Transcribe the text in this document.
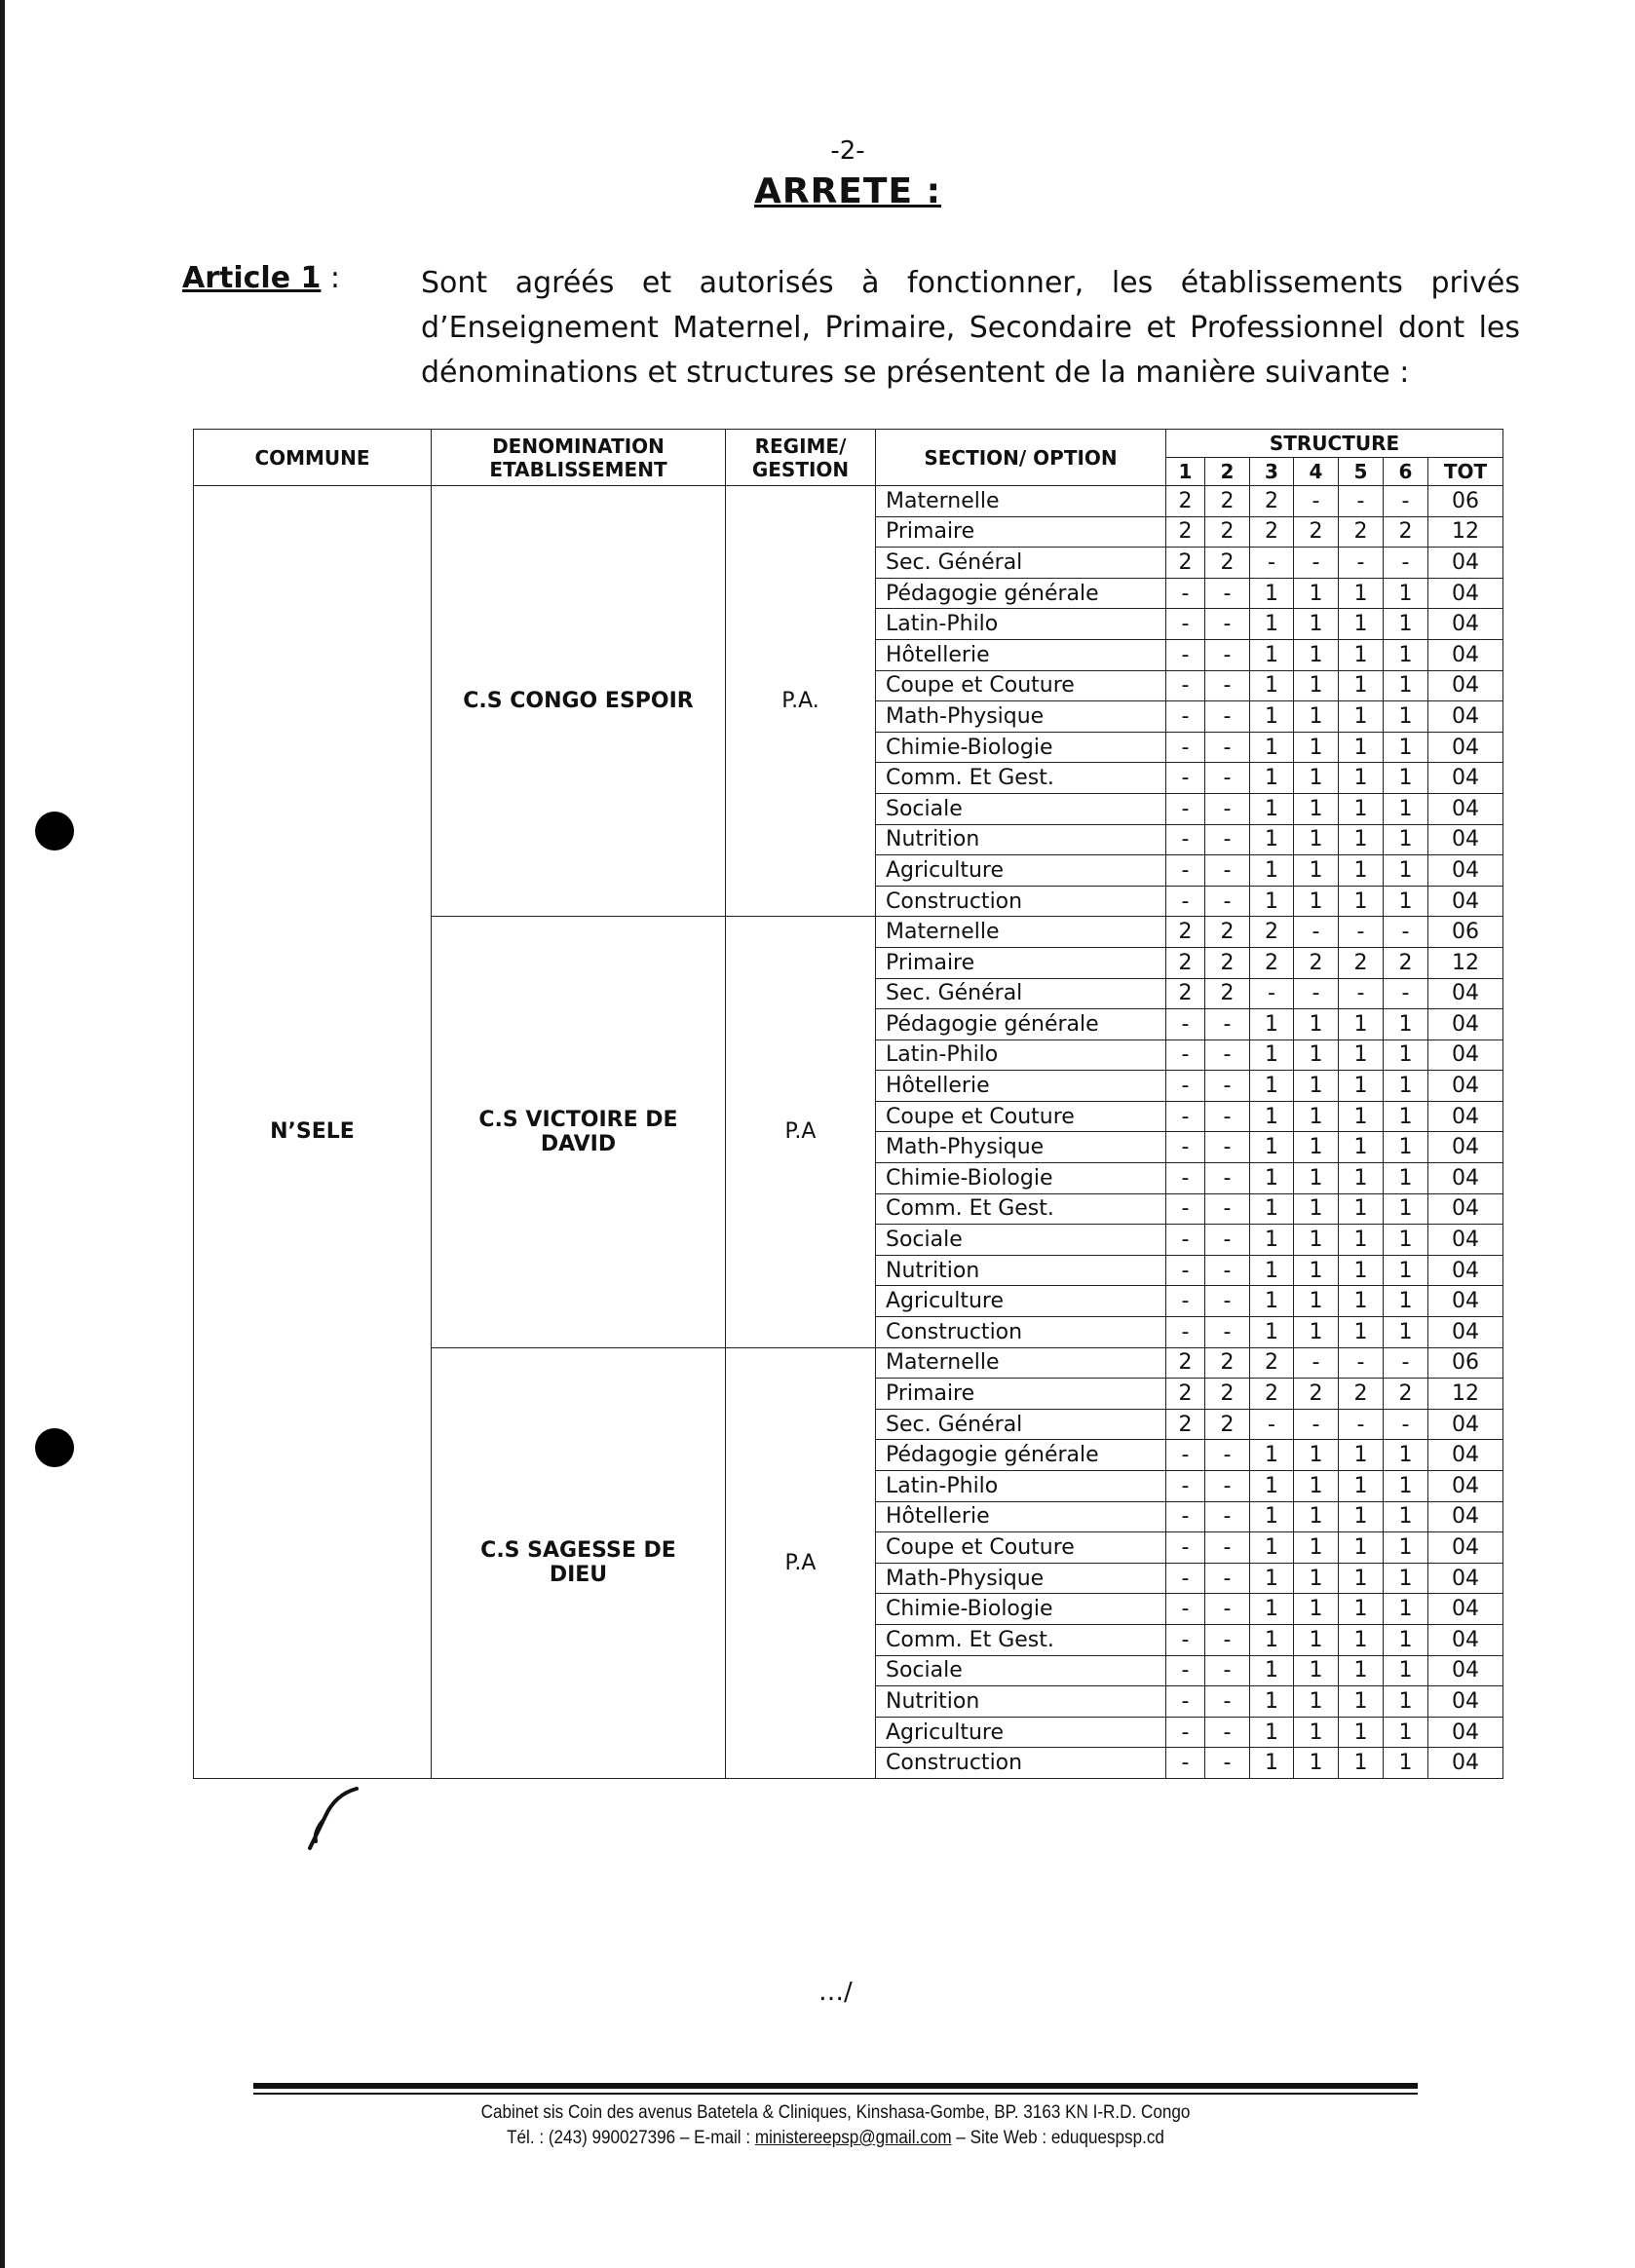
-2-
ARRETE :
Article 1 :	Sont agréés et autorisés à fonctionner, les établissements privés d’Enseignement Maternel, Primaire, Secondaire et Professionnel dont les dénominations et structures se présentent de la manière suivante :
COMMUNE	DENOMINATION ETABLISSEMENT	REGIME/ GESTION	SECTION/ OPTION	STRUCTURE						
				1	2	3	4	5	6	TOT
N’SELE	C.S CONGO ESPOIR	P.A.	Maternelle	2	2	2	-	-	-	06
			Primaire	2	2	2	2	2	2	12
			Sec. Général	2	2	-	-	-	-	04
			Pédagogie générale	-	-	1	1	1	1	04
			Latin-Philo	-	-	1	1	1	1	04
			Hôtellerie	-	-	1	1	1	1	04
			Coupe et Couture	-	-	1	1	1	1	04
			Math-Physique	-	-	1	1	1	1	04
			Chimie-Biologie	-	-	1	1	1	1	04
			Comm. Et Gest.	-	-	1	1	1	1	04
			Sociale	-	-	1	1	1	1	04
			Nutrition	-	-	1	1	1	1	04
			Agriculture	-	-	1	1	1	1	04
			Construction	-	-	1	1	1	1	04
	C.S VICTOIRE DE DAVID	P.A	Maternelle	2	2	2	-	-	-	06
			Primaire	2	2	2	2	2	2	12
			Sec. Général	2	2	-	-	-	-	04
			Pédagogie générale	-	-	1	1	1	1	04
			Latin-Philo	-	-	1	1	1	1	04
			Hôtellerie	-	-	1	1	1	1	04
			Coupe et Couture	-	-	1	1	1	1	04
			Math-Physique	-	-	1	1	1	1	04
			Chimie-Biologie	-	-	1	1	1	1	04
			Comm. Et Gest.	-	-	1	1	1	1	04
			Sociale	-	-	1	1	1	1	04
			Nutrition	-	-	1	1	1	1	04
			Agriculture	-	-	1	1	1	1	04
			Construction	-	-	1	1	1	1	04
	C.S SAGESSE DE DIEU	P.A	Maternelle	2	2	2	-	-	-	06
			Primaire	2	2	2	2	2	2	12
			Sec. Général	2	2	-	-	-	-	04
			Pédagogie générale	-	-	1	1	1	1	04
			Latin-Philo	-	-	1	1	1	1	04
			Hôtellerie	-	-	1	1	1	1	04
			Coupe et Couture	-	-	1	1	1	1	04
			Math-Physique	-	-	1	1	1	1	04
			Chimie-Biologie	-	-	1	1	1	1	04
			Comm. Et Gest.	-	-	1	1	1	1	04
			Sociale	-	-	1	1	1	1	04
			Nutrition	-	-	1	1	1	1	04
			Agriculture	-	-	1	1	1	1	04
			Construction	-	-	1	1	1	1	04
…/
Cabinet sis Coin des avenus Batetela & Cliniques, Kinshasa-Gombe, BP. 3163 KN I-R.D. Congo
Tél. : (243) 990027396 – E-mail : ministereepsp@gmail.com – Site Web : eduquespsp.cd
